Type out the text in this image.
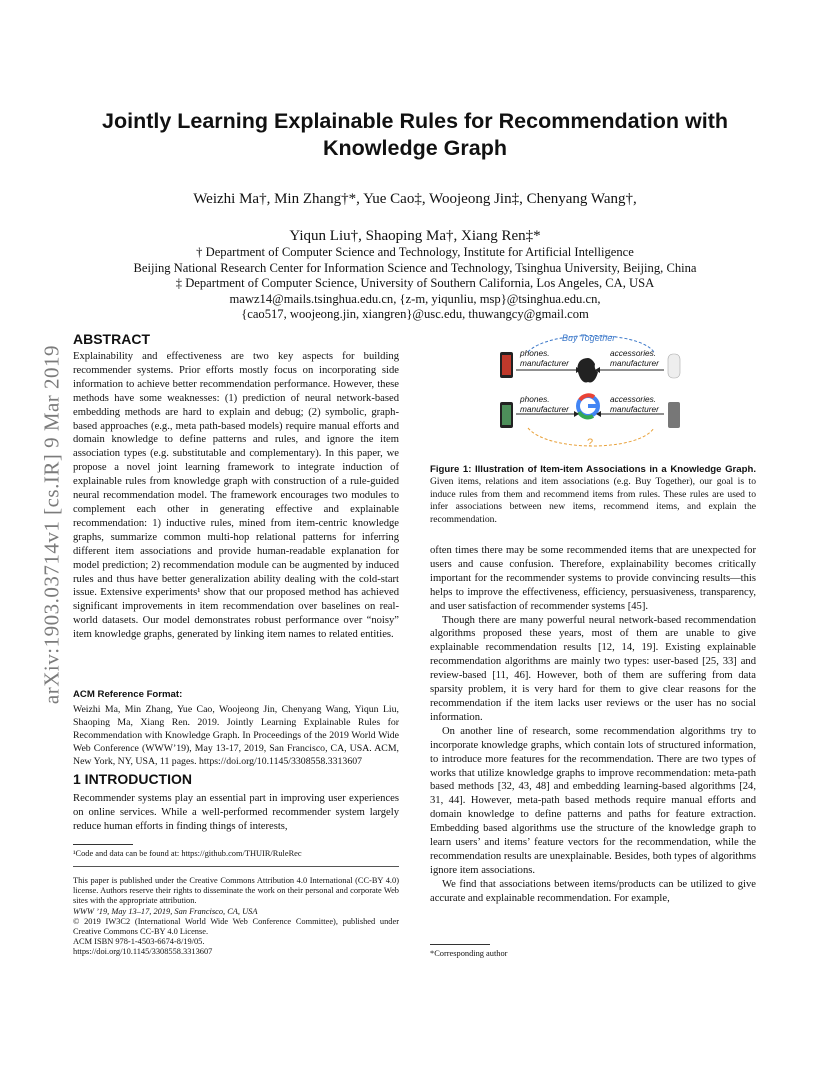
arXiv:1903.03714v1 [cs.IR] 9 Mar 2019
Jointly Learning Explainable Rules for Recommendation with
Knowledge Graph
Weizhi Ma†, Min Zhang†*, Yue Cao‡, Woojeong Jin‡, Chenyang Wang†,
Yiqun Liu†, Shaoping Ma†, Xiang Ren‡*
† Department of Computer Science and Technology, Institute for Artificial Intelligence
Beijing National Research Center for Information Science and Technology, Tsinghua University, Beijing, China
‡ Department of Computer Science, University of Southern California, Los Angeles, CA, USA
mawz14@mails.tsinghua.edu.cn, {z-m, yiqunliu, msp}@tsinghua.edu.cn,
{cao517, woojeong.jin, xiangren}@usc.edu, thuwangcy@gmail.com
ABSTRACT

Explainability and effectiveness are two key aspects for building recommender systems. Prior efforts mostly focus on incorporating side information to achieve better recommendation performance. However, these methods have some weaknesses: (1) prediction of neural network-based embedding methods are hard to explain and debug; (2) symbolic, graph-based approaches (e.g., meta path-based models) require manual efforts and domain knowledge to define patterns and rules, and ignore the item association types (e.g. substitutable and complementary). In this paper, we propose a novel joint learning framework to integrate induction of explainable rules from knowledge graph with construction of a rule-guided neural recommendation model. The framework encourages two modules to complement each other in generating effective and explainable recommendation: 1) inductive rules, mined from item-centric knowledge graphs, summarize common multi-hop relational patterns for inferring different item associations and provide human-readable explanation for model prediction; 2) recommendation module can be augmented by induced rules and thus have better generalization ability dealing with the cold-start issue. Extensive experiments¹ show that our proposed method has achieved significant improvements in item recommendation over baselines on real-world datasets. Our model demonstrates robust performance over “noisy” item knowledge graphs, generated by linking item names to related entities.

ACM Reference Format:
Weizhi Ma, Min Zhang, Yue Cao, Woojeong Jin, Chenyang Wang, Yiqun Liu, Shaoping Ma, Xiang Ren. 2019. Jointly Learning Explainable Rules for Recommendation with Knowledge Graph. In Proceedings of the 2019 World Wide Web Conference (WWW’19), May 13-17, 2019, San Francisco, CA, USA. ACM, New York, NY, USA, 11 pages. https://doi.org/10.1145/3308558.3313607
1 INTRODUCTION
Recommender systems play an essential part in improving user experiences on online services. While a well-performed recommender system largely reduce human efforts in finding things of interests,
¹Code and data can be found at: https://github.com/THUIR/RuleRec
This paper is published under the Creative Commons Attribution 4.0 International (CC-BY 4.0) license. Authors reserve their rights to disseminate the work on their personal and corporate Web sites with the appropriate attribution.
WWW ’19, May 13–17, 2019, San Francisco, CA, USA
© 2019 IW3C2 (International World Wide Web Conference Committee), published under Creative Commons CC-BY 4.0 License.
ACM ISBN 978-1-4503-6674-8/19/05.
https://doi.org/10.1145/3308558.3313607
Buy Together
phones.
manufacturer
accessories.
manufacturer
phones.
manufacturer
accessories.
manufacturer
?
Figure 1: Illustration of Item-item Associations in a Knowledge Graph. Given items, relations and item associations (e.g. Buy Together), our goal is to induce rules from them and recommend items from rules. These rules are used to infer associations between new items, recommend items, and explain the recommendation.

often times there may be some recommended items that are unexpected for users and cause confusion. Therefore, explainability becomes critically important for the recommender systems to provide convincing results—this helps to improve the effectiveness, efficiency, persuasiveness, transparency, and user satisfaction of recommender systems [45].

Though there are many powerful neural network-based recommendation algorithms proposed these years, most of them are unable to give explainable recommendation results [12, 14, 19]. Existing explainable recommendation algorithms are mainly two types: user-based [25, 33] and review-based [11, 46]. However, both of them are suffering from data sparsity problem, it is very hard for them to give clear reasons for the recommendation if the item lacks user reviews or the user has no social information.

On another line of research, some recommendation algorithms try to incorporate knowledge graphs, which contain lots of structured information, to introduce more features for the recommendation. There are two types of works that utilize knowledge graphs to improve recommendation: meta-path based methods [32, 43, 48] and embedding learning-based algorithms [24, 31, 44]. However, meta-path based methods require manual efforts and domain knowledge to define patterns and paths for feature extraction. Embedding based algorithms use the structure of the knowledge graph to learn users’ and items’ feature vectors for the recommendation, while the recommendation results are unexplainable. Besides, both types of algorithms ignore item associations.

We find that associations between items/products can be utilized to give accurate and explainable recommendation. For example,

*Corresponding author
